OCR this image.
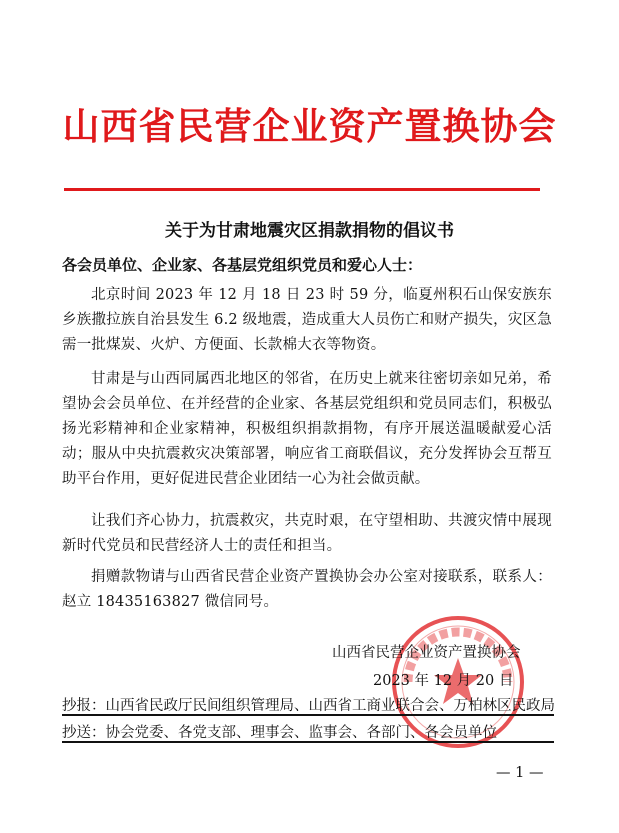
山西省民营企业资产置换协会
关于为甘肃地震灾区捐款捐物的倡议书
各会员单位、企业家、各基层党组织党员和爱心人士：
北京时间 2023 年 12 月 18 日 23 时 59 分，临夏州积石山保安族东乡族撒拉族自治县发生 6.2 级地震，造成重大人员伤亡和财产损失，灾区急需一批煤炭、火炉、方便面、长款棉大衣等物资。
甘肃是与山西同属西北地区的邻省，在历史上就来往密切亲如兄弟，希望协会会员单位、在并经营的企业家、各基层党组织和党员同志们，积极弘扬光彩精神和企业家精神，积极组织捐款捐物，有序开展送温暖献爱心活动；服从中央抗震救灾决策部署，响应省工商联倡议，充分发挥协会互帮互助平台作用，更好促进民营企业团结一心为社会做贡献。
让我们齐心协力，抗震救灾，共克时艰，在守望相助、共渡灾情中展现新时代党员和民营经济人士的责任和担当。
捐赠款物请与山西省民营企业资产置换协会办公室对接联系，联系人：赵立 18435163827 微信同号。
山西省民营企业资产置换协会
2023 年 12 月 20 日
抄报：山西省民政厅民间组织管理局、山西省工商业联合会、万柏林区民政局
抄送：协会党委、各党支部、理事会、监事会、各部门、各会员单位
— 1 —
